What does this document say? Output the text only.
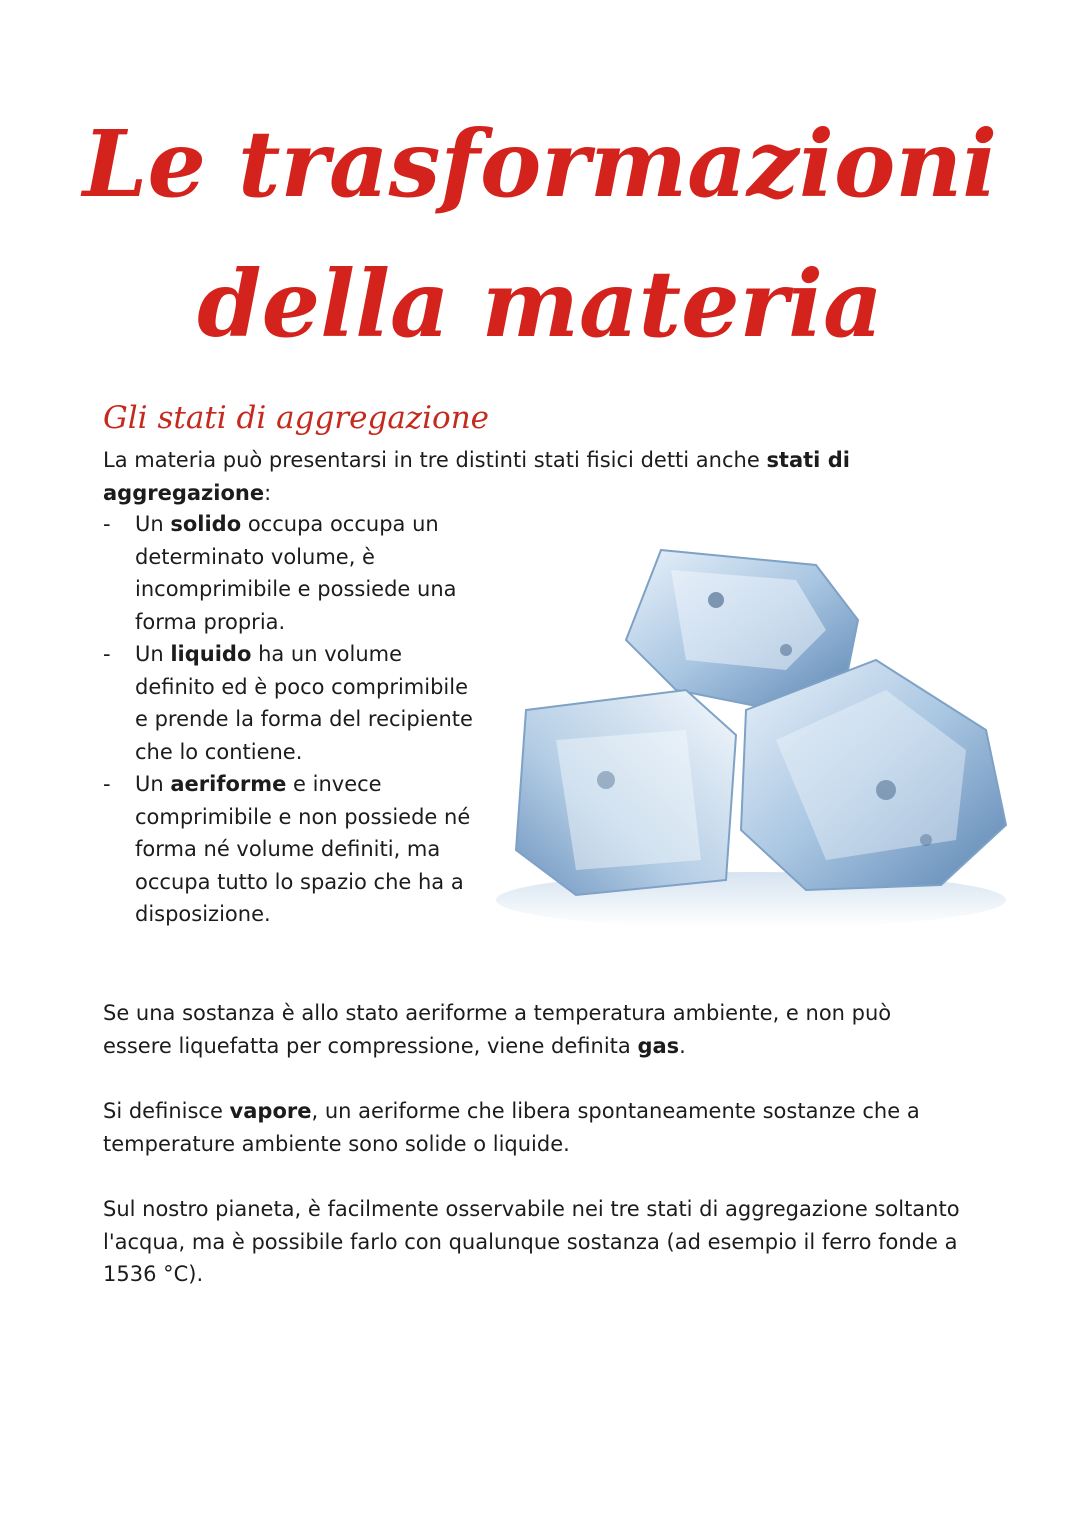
Le trasformazioni
della materia
Gli stati di aggregazione

La materia può presentarsi in tre distinti stati fisici detti anche stati di aggregazione:

- Un solido occupa occupa un determinato volume, è incomprimibile e possiede una forma propria.
- Un liquido ha un volume definito ed è poco comprimibile e prende la forma del recipiente che lo contiene.
- Un aeriforme e invece comprimibile e non possiede né forma né volume definiti, ma occupa tutto lo spazio che ha a disposizione.

Se una sostanza è allo stato aeriforme a temperatura ambiente, e non può essere liquefatta per compressione, viene definita gas.

Si definisce vapore, un aeriforme che libera spontaneamente sostanze che a temperature ambiente sono solide o liquide.

Sul nostro pianeta, è facilmente osservabile nei tre stati di aggregazione soltanto l'acqua, ma è possibile farlo con qualunque sostanza (ad esempio il ferro fonde a 1536 °C).
